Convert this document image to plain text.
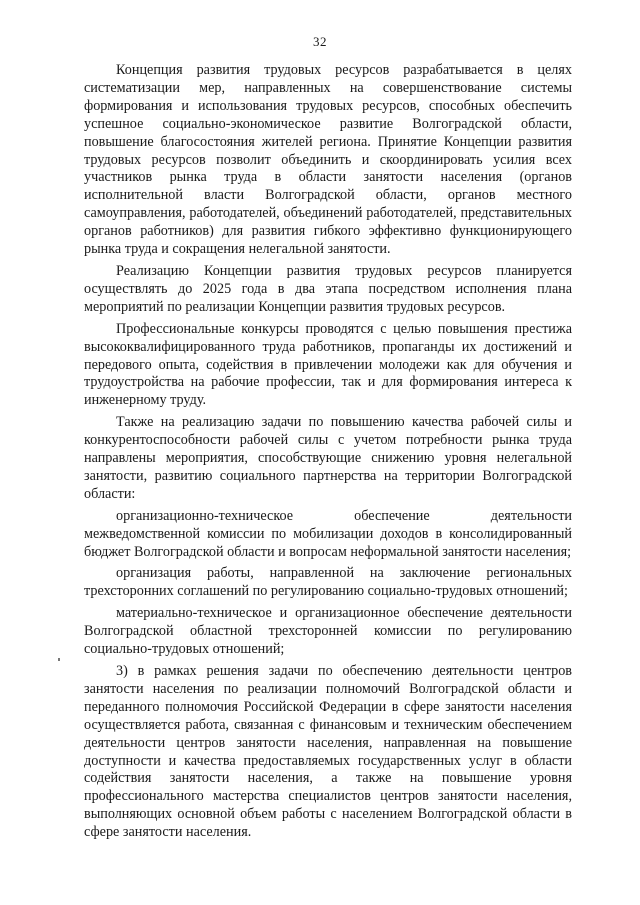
32

Концепция развития трудовых ресурсов разрабатывается в целях систематизации мер, направленных на совершенствование системы формирования и использования трудовых ресурсов, способных обеспечить успешное социально-экономическое развитие Волгоградской области, повышение благосостояния жителей региона. Принятие Концепции развития трудовых ресурсов позволит объединить и скоординировать усилия всех участников рынка труда в области занятости населения (органов исполнительной власти Волгоградской области, органов местного самоуправления, работодателей, объединений работодателей, представительных органов работников) для развития гибкого эффективно функционирующего рынка труда и сокращения нелегальной занятости.

Реализацию Концепции развития трудовых ресурсов планируется осуществлять до 2025 года в два этапа посредством исполнения плана мероприятий по реализации Концепции развития трудовых ресурсов.

Профессиональные конкурсы проводятся с целью повышения престижа высококвалифицированного труда работников, пропаганды их достижений и передового опыта, содействия в привлечении молодежи как для обучения и трудоустройства на рабочие профессии, так и для формирования интереса к инженерному труду.

Также на реализацию задачи по повышению качества рабочей силы и конкурентоспособности рабочей силы с учетом потребности рынка труда направлены мероприятия, способствующие снижению уровня нелегальной занятости, развитию социального партнерства на территории Волгоградской области:

организационно-техническое обеспечение деятельности межведомственной комиссии по мобилизации доходов в консолидированный бюджет Волгоградской области и вопросам неформальной занятости населения;

организация работы, направленной на заключение региональных трехсторонних соглашений по регулированию социально-трудовых отношений;

материально-техническое и организационное обеспечение деятельности Волгоградской областной трехсторонней комиссии по регулированию социально-трудовых отношений;

3) в рамках решения задачи по обеспечению деятельности центров занятости населения по реализации полномочий Волгоградской области и переданного полномочия Российской Федерации в сфере занятости населения осуществляется работа, связанная с финансовым и техническим обеспечением деятельности центров занятости населения, направленная на повышение доступности и качества предоставляемых государственных услуг в области содействия занятости населения, а также на повышение уровня профессионального мастерства специалистов центров занятости населения, выполняющих основной объем работы с населением Волгоградской области в сфере занятости населения.
